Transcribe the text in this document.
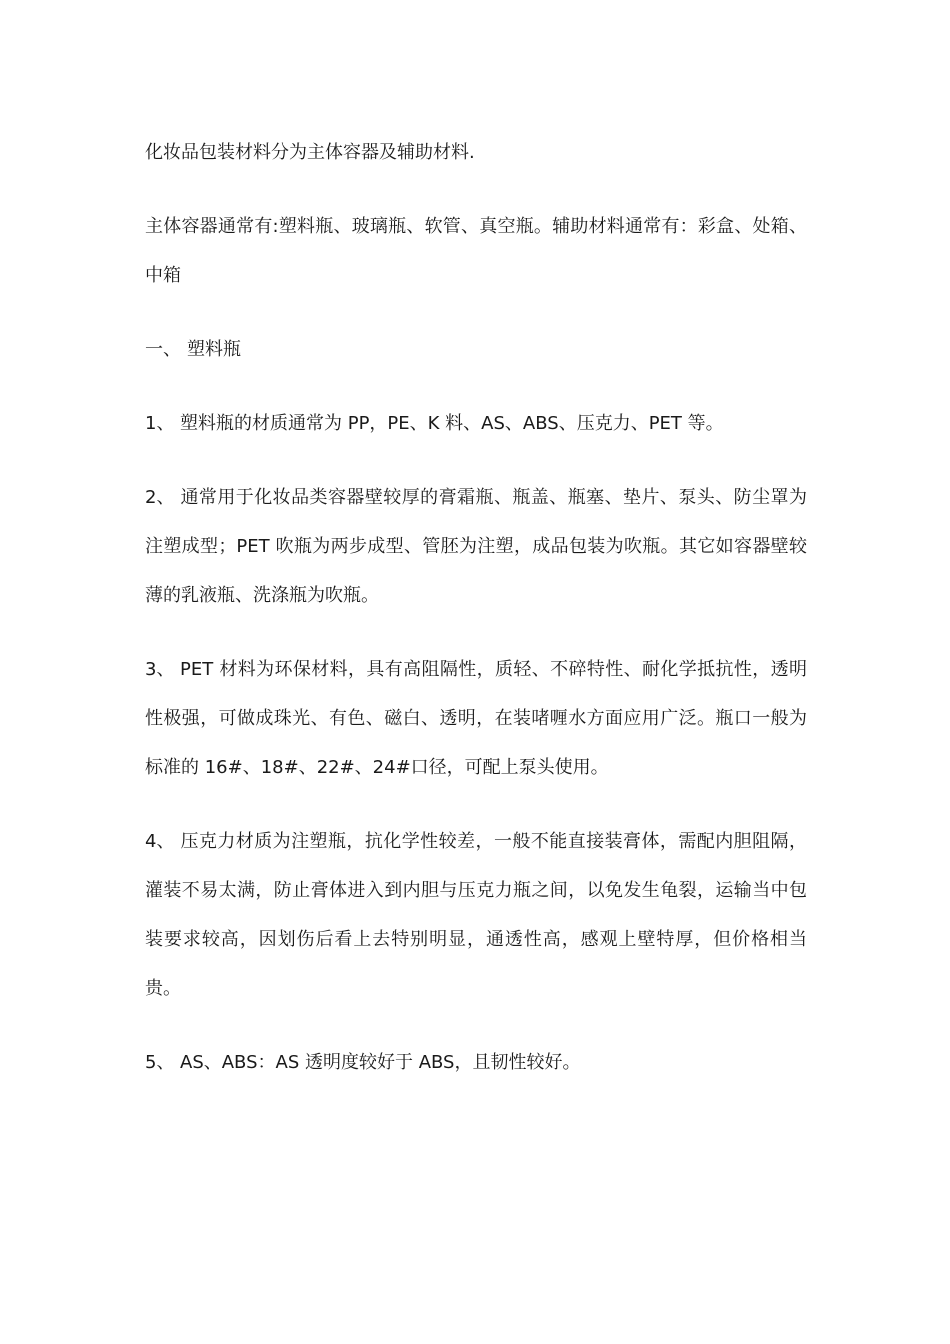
化妆品包装材料分为主体容器及辅助材料.

主体容器通常有:塑料瓶、玻璃瓶、软管、真空瓶。辅助材料通常有：彩盒、处箱、中箱

一、 塑料瓶

1、 塑料瓶的材质通常为 PP，PE、K 料、AS、ABS、压克力、PET 等。

2、 通常用于化妆品类容器壁较厚的膏霜瓶、瓶盖、瓶塞、垫片、泵头、防尘罩为注塑成型；PET 吹瓶为两步成型、管胚为注塑，成品包装为吹瓶。其它如容器壁较薄的乳液瓶、洗涤瓶为吹瓶。

3、 PET 材料为环保材料，具有高阻隔性，质轻、不碎特性、耐化学抵抗性，透明性极强，可做成珠光、有色、磁白、透明，在装啫喱水方面应用广泛。瓶口一般为标准的 16#、18#、22#、24#口径，可配上泵头使用。

4、 压克力材质为注塑瓶，抗化学性较差，一般不能直接装膏体，需配内胆阻隔，灌装不易太满，防止膏体进入到内胆与压克力瓶之间，以免发生龟裂，运输当中包装要求较高，因划伤后看上去特别明显，通透性高，感观上壁特厚，但价格相当贵。

5、 AS、ABS：AS 透明度较好于 ABS，且韧性较好。
